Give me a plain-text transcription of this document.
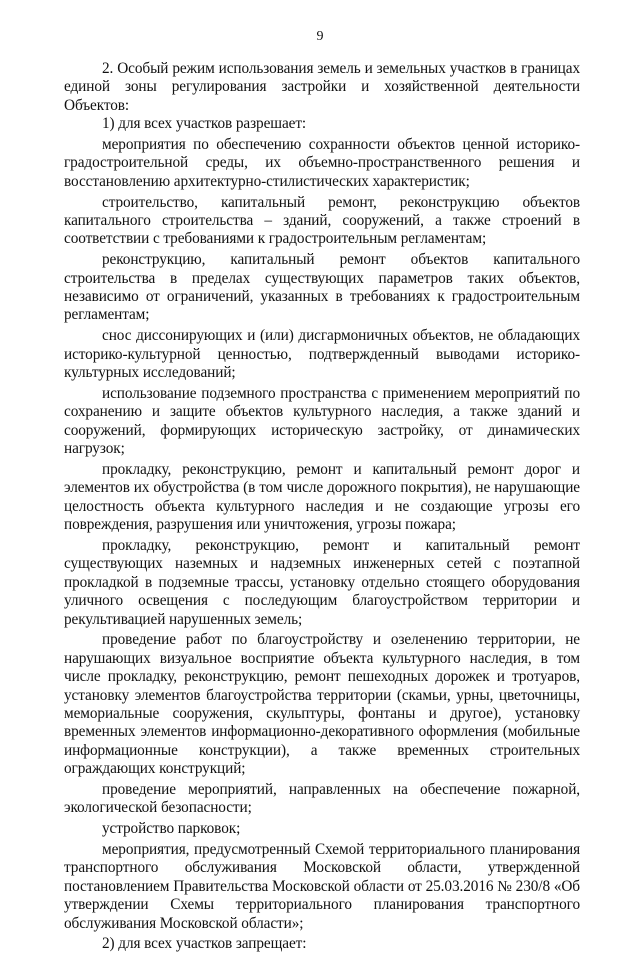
9

2. Особый режим использования земель и земельных участков в границах единой зоны регулирования застройки и хозяйственной деятельности Объектов:

1) для всех участков разрешает:

мероприятия по обеспечению сохранности объектов ценной историко-градостроительной среды, их объемно-пространственного решения и восстановлению архитектурно-стилистических характеристик;

строительство, капитальный ремонт, реконструкцию объектов капитального строительства – зданий, сооружений, а также строений в соответствии с требованиями к градостроительным регламентам;

реконструкцию, капитальный ремонт объектов капитального строительства в пределах существующих параметров таких объектов, независимо от ограничений, указанных в требованиях к градостроительным регламентам;

снос диссонирующих и (или) дисгармоничных объектов, не обладающих историко-культурной ценностью, подтвержденный выводами историко-культурных исследований;

использование подземного пространства с применением мероприятий по сохранению и защите объектов культурного наследия, а также зданий и сооружений, формирующих историческую застройку, от динамических нагрузок;

прокладку, реконструкцию, ремонт и капитальный ремонт дорог и элементов их обустройства (в том числе дорожного покрытия), не нарушающие целостность объекта культурного наследия и не создающие угрозы его повреждения, разрушения или уничтожения, угрозы пожара;

прокладку, реконструкцию, ремонт и капитальный ремонт существующих наземных и надземных инженерных сетей с поэтапной прокладкой в подземные трассы, установку отдельно стоящего оборудования уличного освещения с последующим благоустройством территории и рекультивацией нарушенных земель;

проведение работ по благоустройству и озеленению территории, не нарушающих визуальное восприятие объекта культурного наследия, в том числе прокладку, реконструкцию, ремонт пешеходных дорожек и тротуаров, установку элементов благоустройства территории (скамьи, урны, цветочницы, мемориальные сооружения, скульптуры, фонтаны и другое), установку временных элементов информационно-декоративного оформления (мобильные информационные конструкции), а также временных строительных ограждающих конструкций;

проведение мероприятий, направленных на обеспечение пожарной, экологической безопасности;

устройство парковок;

мероприятия, предусмотренный Схемой территориального планирования транспортного обслуживания Московской области, утвержденной постановлением Правительства Московской области от 25.03.2016 № 230/8 «Об утверждении Схемы территориального планирования транспортного обслуживания Московской области»;

2) для всех участков запрещает:
